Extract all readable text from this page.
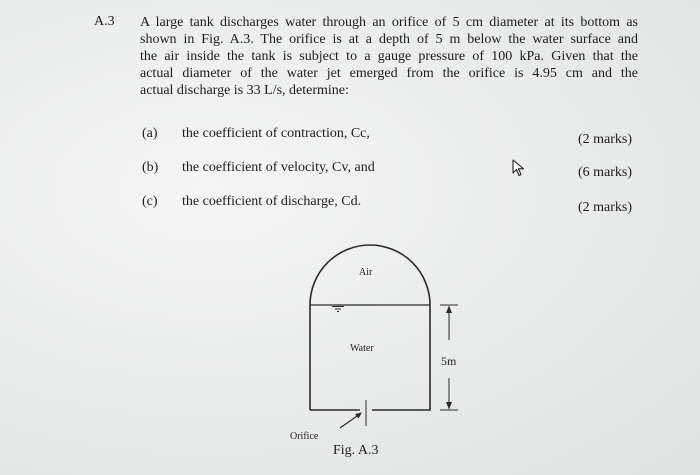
A.3 A large tank discharges water through an orifice of 5 cm diameter at its bottom as
shown in Fig. A.3. The orifice is at a depth of 5 m below the water surface and
the air inside the tank is subject to a gauge pressure of 100 kPa. Given that the
actual diameter of the water jet emerged from the orifice is 4.95 cm and the
actual discharge is 33 L/s, determine:
(a) the coefficient of contraction, Cc,	(2 marks)
(b) the coefficient of velocity, Cv, and	(6 marks)
(c) the coefficient of discharge, Cd.	(2 marks)
Air
Water
5m
Orifice
Fig. A.3
